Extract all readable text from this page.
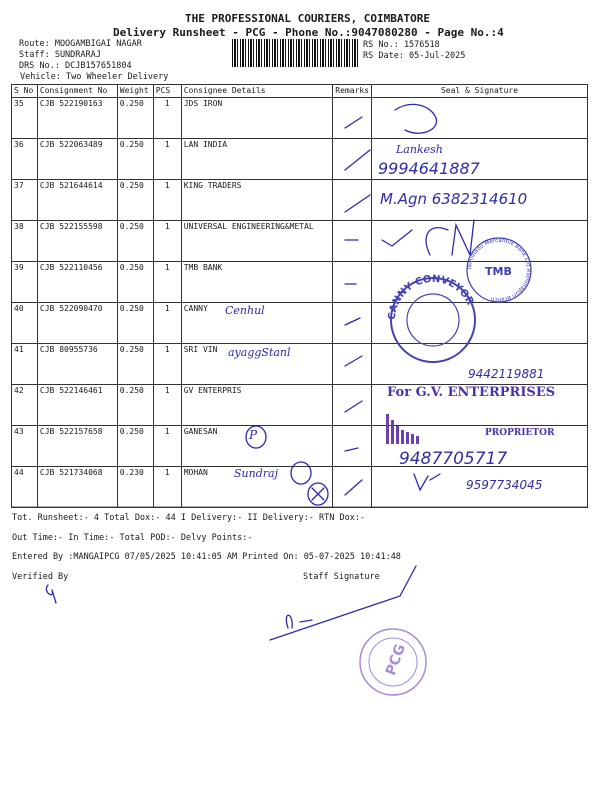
THE PROFESSIONAL COURIERS, COIMBATORE
Delivery Runsheet - PCG - Phone No.:9047080280 - Page No.:4
Route: MOOGAMBIGAI NAGAR
Staff: SUNDRARAJ
DRS No.: DCJB157651804
Vehicle: Two Wheeler Delivery
RS No.: 1576518
RS Date: 05-Jul-2025
S No	Consignment No	Weight	PCS	Consignee Details	Remarks	Seal & Signature
35	CJB 522190163	0.250	1	JDS IRON		
36	CJB 522063489	0.250	1	LAN INDIA		
37	CJB 521644614	0.250	1	KING TRADERS		
38	CJB 522155598	0.250	1	UNIVERSAL ENGINEERING&METAL		
39	CJB 522110456	0.250	1	TMB BANK		
40	CJB 522090470	0.250	1	CANNY		
41	CJB 80955736	0.250	1	SRI VIN		
42	CJB 522146461	0.250	1	GV ENTERPRIS		
43	CJB 522157658	0.250	1	GANESAN		
44	CJB 521734068	0.230	1	MOHAN		
Lankesh
9994641887
M.Agn 6382314610
Cenhul
ayaggStanl
9442119881
Sundraj
9487705717
9597734045
P
Tamilnadu Mercantile Bank Ltd Rathinapuri Branch
TMB
CANNY CONVEYOR
PCG
For G.V. ENTERPRISES
PROPRIETOR
Tot. Runsheet:- 4 Total Dox:- 44 I Delivery:- II Delivery:- RTN Dox:-
Out Time:- In Time:- Total POD:- Delvy Points:-
Entered By :MANGAIPCG 07/05/2025 10:41:05 AM Printed On: 05-07-2025 10:41:48
Verified By	Staff Signature
